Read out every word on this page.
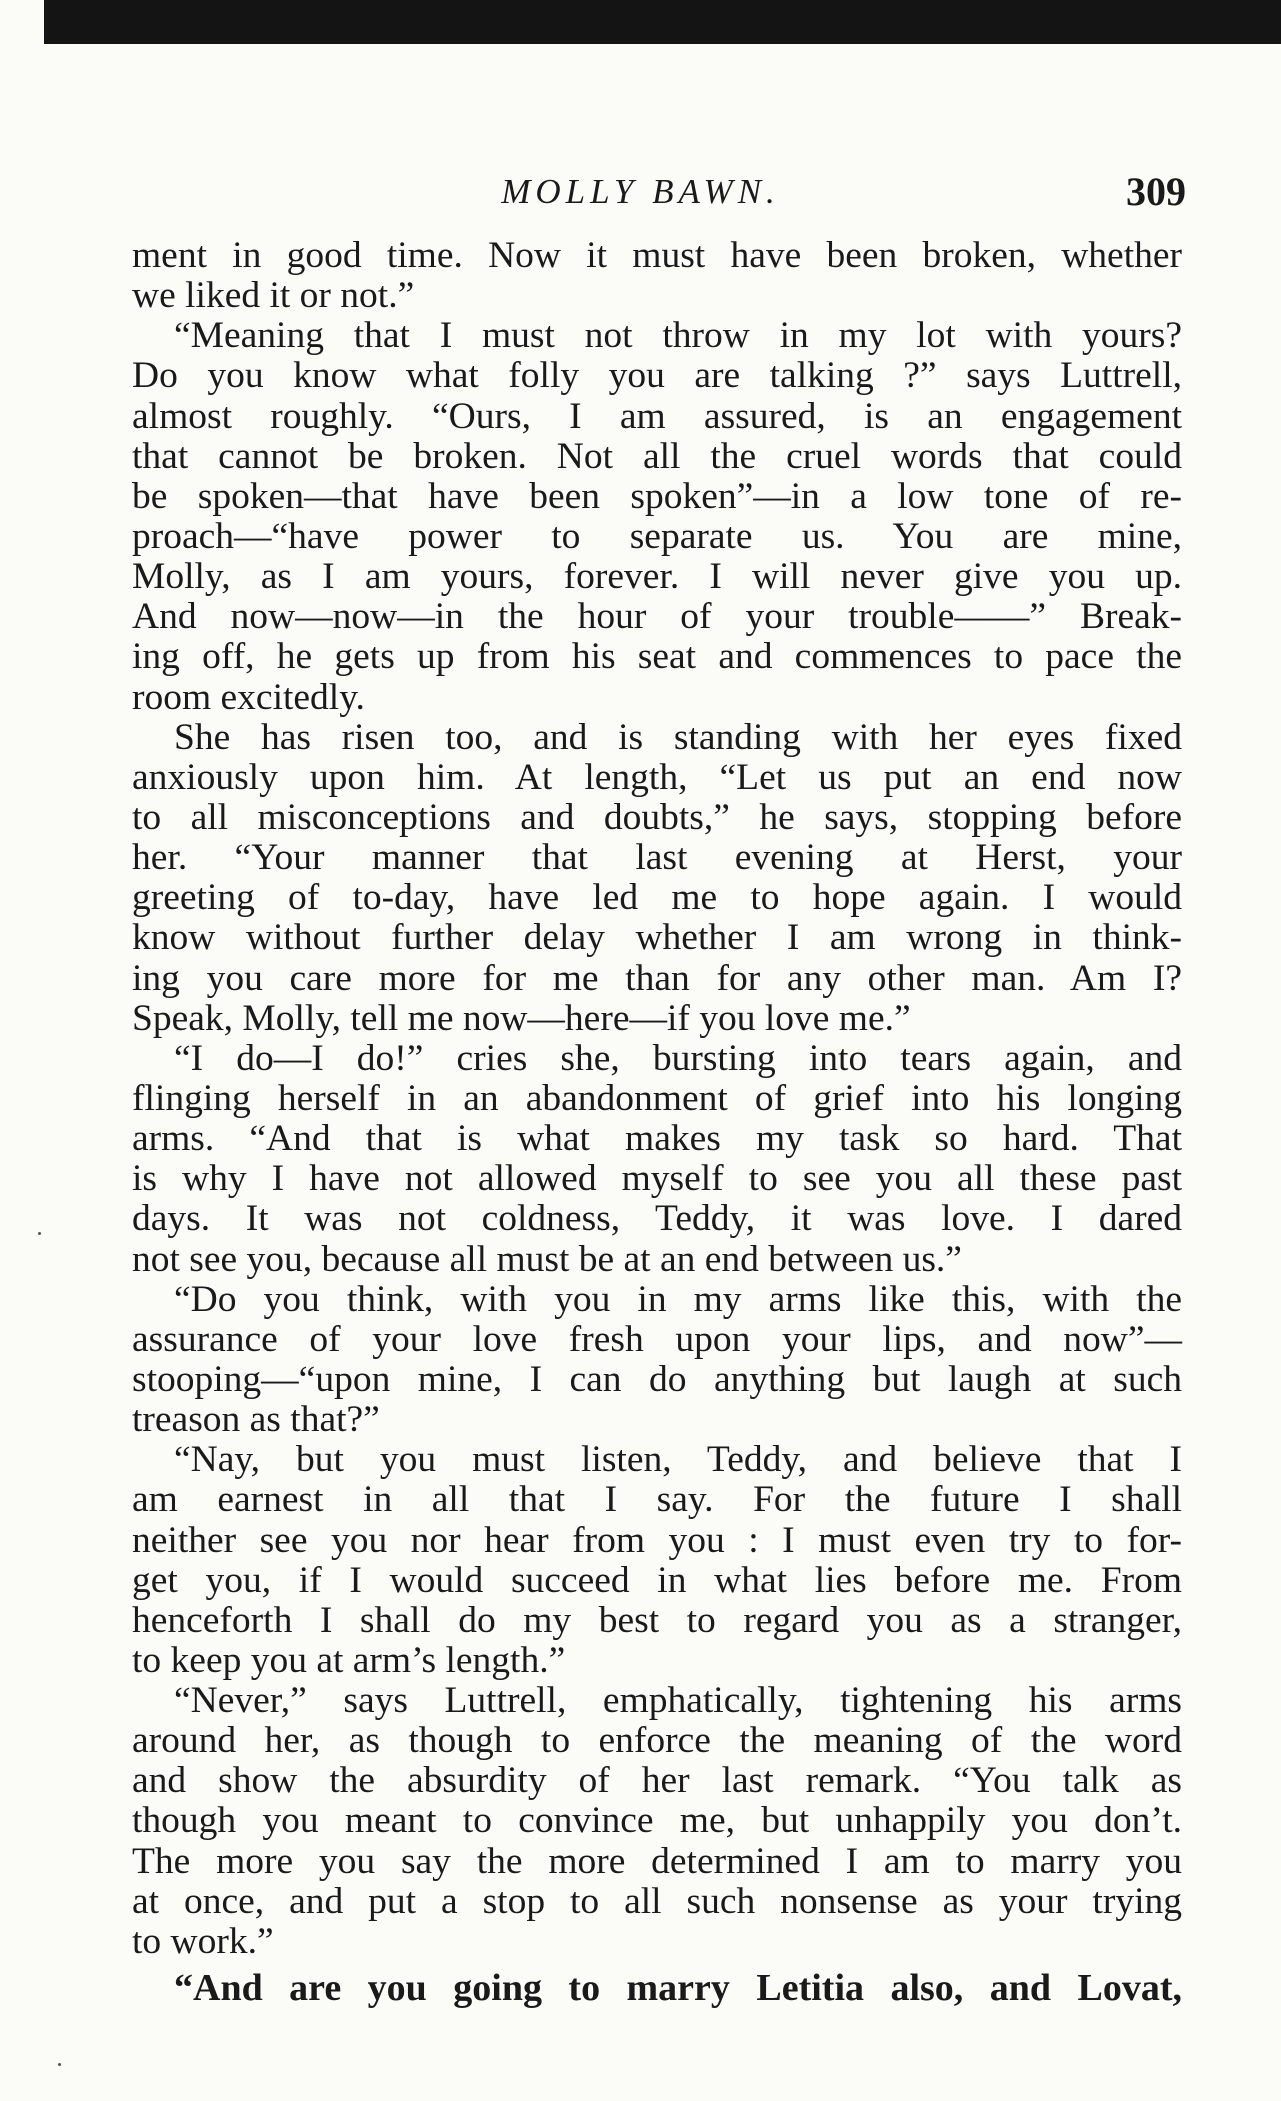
MOLLY BAWN.	309
ment in good time. Now it must have been broken, whether
we liked it or not.”
“Meaning that I must not throw in my lot with yours?
Do you know what folly you are talking ?” says Luttrell,
almost roughly. “Ours, I am assured, is an engagement
that cannot be broken. Not all the cruel words that could
be spoken—that have been spoken”—in a low tone of re-
proach—“have power to separate us. You are mine,
Molly, as I am yours, forever. I will never give you up.
And now—now—in the hour of your trouble——” Break-
ing off, he gets up from his seat and commences to pace the
room excitedly.
She has risen too, and is standing with her eyes fixed
anxiously upon him. At length, “Let us put an end now
to all misconceptions and doubts,” he says, stopping before
her. “Your manner that last evening at Herst, your
greeting of to-day, have led me to hope again. I would
know without further delay whether I am wrong in think-
ing you care more for me than for any other man. Am I?
Speak, Molly, tell me now—here—if you love me.”
“I do—I do!” cries she, bursting into tears again, and
flinging herself in an abandonment of grief into his longing
arms. “And that is what makes my task so hard. That
is why I have not allowed myself to see you all these past
days. It was not coldness, Teddy, it was love. I dared
not see you, because all must be at an end between us.”
“Do you think, with you in my arms like this, with the
assurance of your love fresh upon your lips, and now”—
stooping—“upon mine, I can do anything but laugh at such
treason as that?”
“Nay, but you must listen, Teddy, and believe that I
am earnest in all that I say. For the future I shall
neither see you nor hear from you : I must even try to for-
get you, if I would succeed in what lies before me. From
henceforth I shall do my best to regard you as a stranger,
to keep you at arm’s length.”
“Never,” says Luttrell, emphatically, tightening his arms
around her, as though to enforce the meaning of the word
and show the absurdity of her last remark. “You talk as
though you meant to convince me, but unhappily you don’t.
The more you say the more determined I am to marry you
at once, and put a stop to all such nonsense as your trying
to work.”
“And are you going to marry Letitia also, and Lovat,
